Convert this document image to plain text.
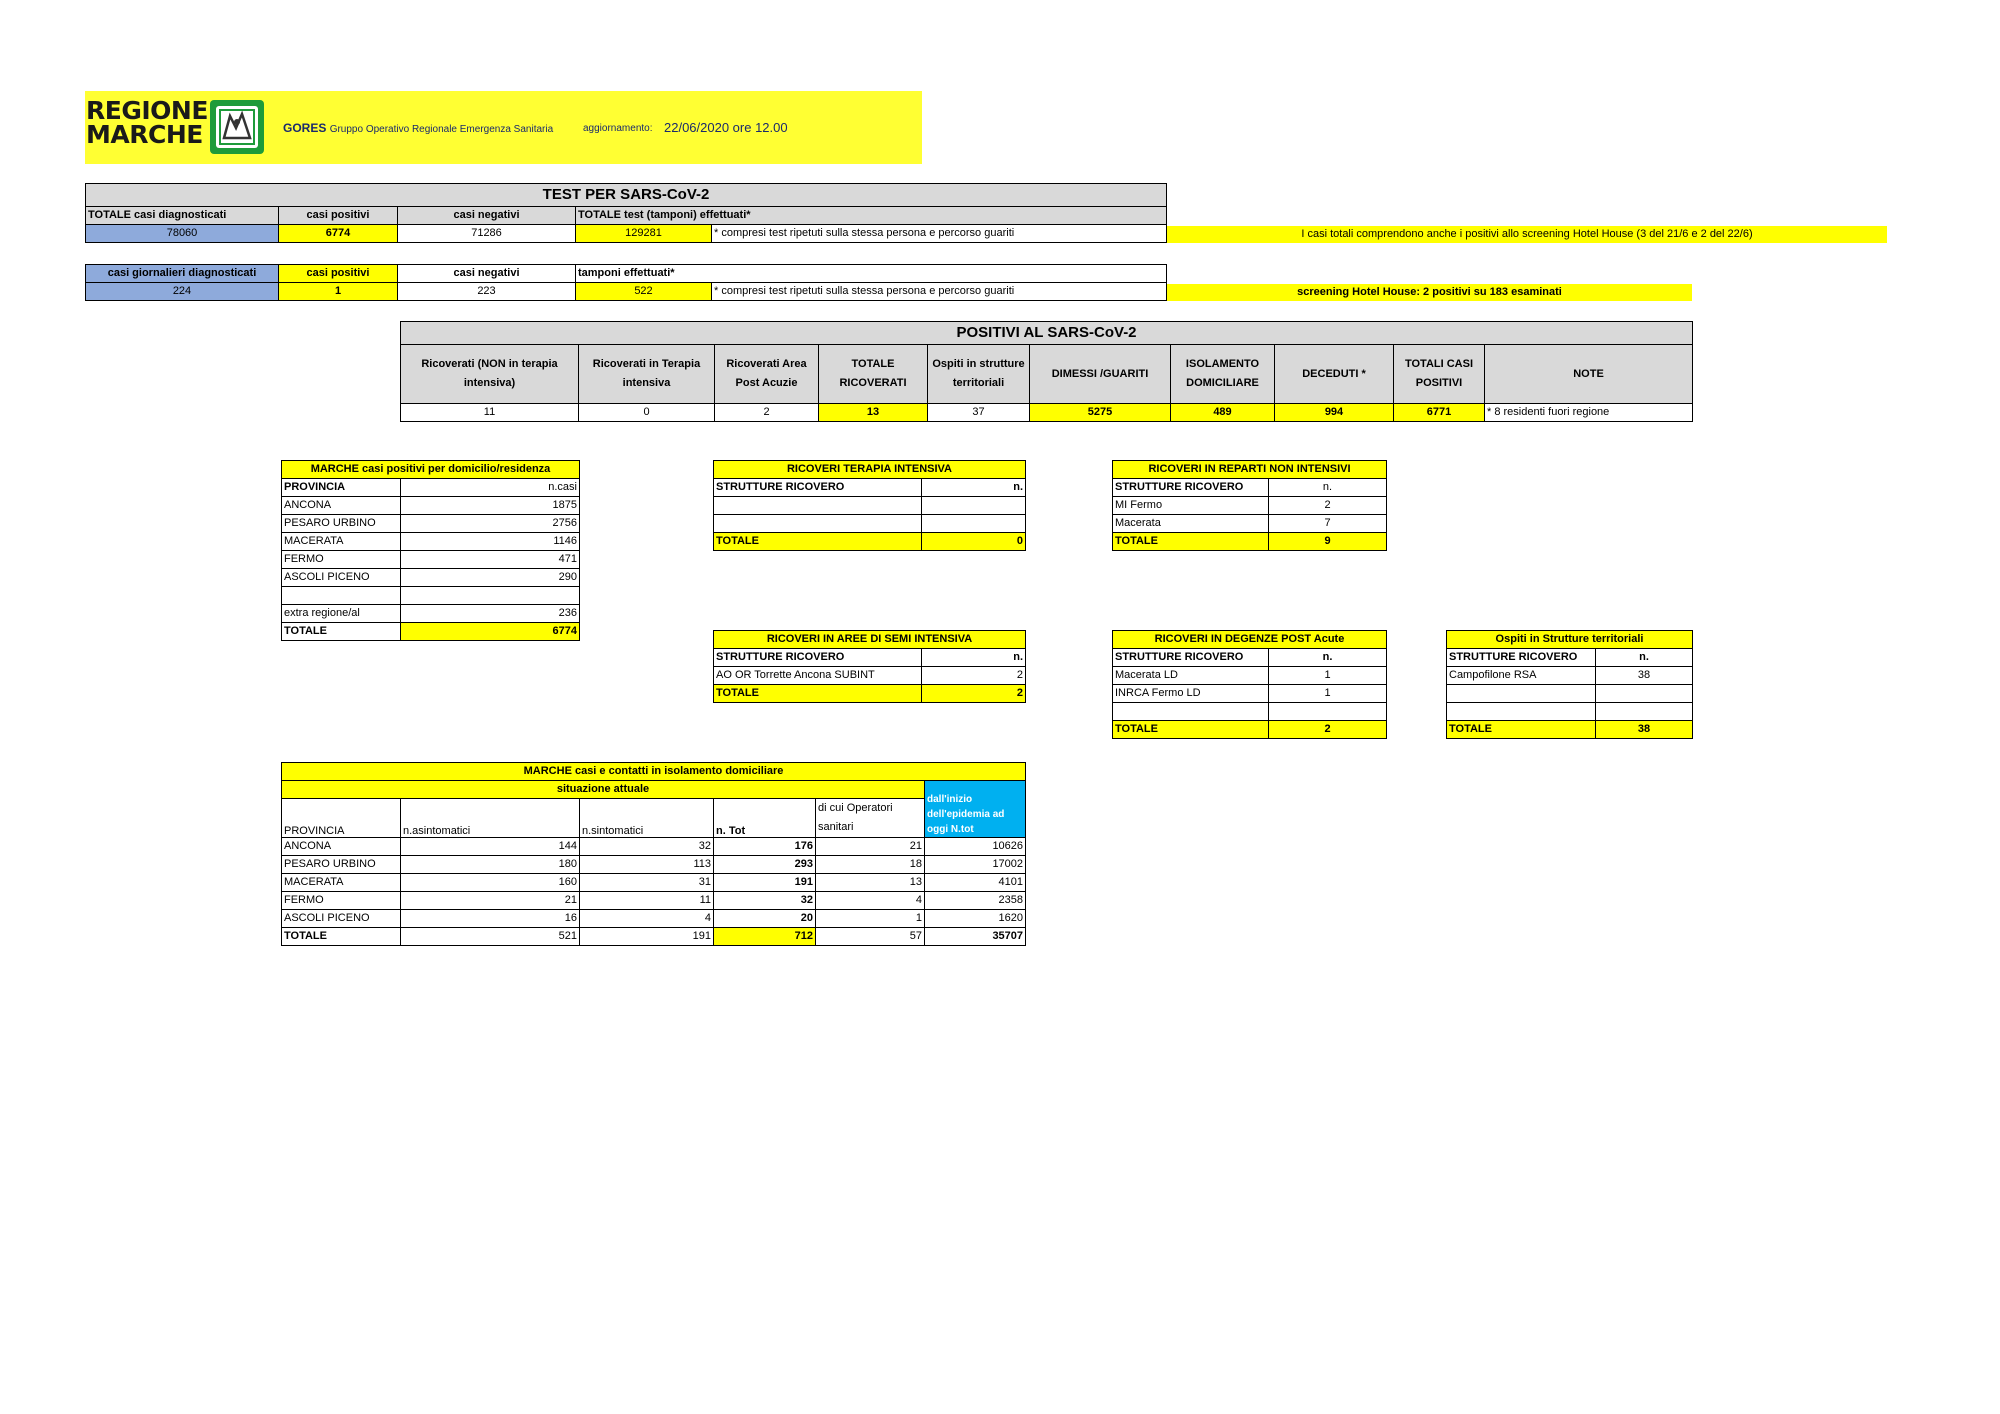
REGIONE
MARCHE	GORES Gruppo Operativo Regionale Emergenza Sanitaria	aggiornamento: 22/06/2020 ore 12.00
TEST PER SARS-CoV-2				
TOTALE casi diagnosticati	casi positivi	casi negativi	TOTALE test (tamponi) effettuati*	
78060	6774	71286	129281	* compresi test ripetuti sulla stessa persona e percorso guariti	I casi totali comprendono anche i positivi allo screening Hotel House (3 del 21/6 e 2 del 22/6)
casi giornalieri diagnosticati	casi positivi	casi negativi	tamponi effettuati*	
224	1	223	522	* compresi test ripetuti sulla stessa persona e percorso guariti	screening Hotel House: 2 positivi su 183 esaminati
POSITIVI AL SARS-CoV-2									
Ricoverati (NON in terapia intensiva)	Ricoverati in Terapia intensiva	Ricoverati Area Post Acuzie	TOTALE RICOVERATI	Ospiti in strutture territoriali	DIMESSI /GUARITI	ISOLAMENTO DOMICILIARE	DECEDUTI *	TOTALI CASI POSITIVI	NOTE
11	0	2	13	37	5275	489	994	6771	* 8 residenti fuori regione
MARCHE casi positivi per domicilio/residenza	
PROVINCIA	n.casi
ANCONA	1875
PESARO URBINO	2756
MACERATA	1146
FERMO	471
ASCOLI PICENO	290

extra regione/al	236
TOTALE	6774
RICOVERI TERAPIA INTENSIVA	
STRUTTURE RICOVERO	n.

TOTALE	0
RICOVERI IN REPARTI NON INTENSIVI	
STRUTTURE RICOVERO	n.
MI Fermo	2
Macerata	7
TOTALE	9
RICOVERI IN AREE DI SEMI INTENSIVA	
STRUTTURE RICOVERO	n.
AO OR Torrette Ancona SUBINT	2
TOTALE	2
RICOVERI IN DEGENZE POST Acute	
STRUTTURE RICOVERO	n.
Macerata LD	1
INRCA Fermo LD	1

TOTALE	2
Ospiti in Strutture territoriali	
STRUTTURE RICOVERO	n.
Campofilone RSA	38

TOTALE	38
MARCHE casi e contatti in isolamento domiciliare					
situazione attuale					dall'inizio dell'epidemia ad oggi N.tot
PROVINCIA	n.asintomatici	n.sintomatici	n. Tot	di cui Operatori sanitari	
ANCONA	144	32	176	21	10626
PESARO URBINO	180	113	293	18	17002
MACERATA	160	31	191	13	4101
FERMO	21	11	32	4	2358
ASCOLI PICENO	16	4	20	1	1620
TOTALE	521	191	712	57	35707
